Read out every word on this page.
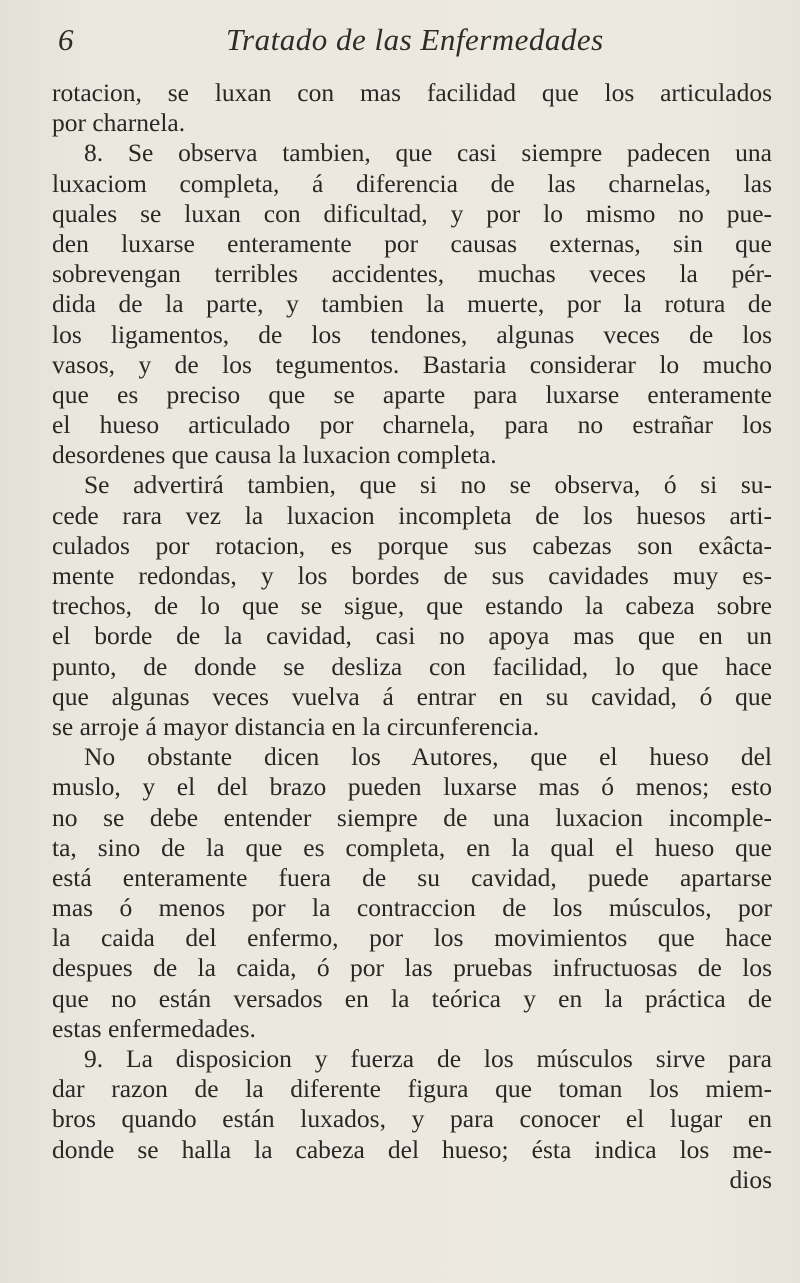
6	Tratado de las Enfermedades
rotacion, se luxan con mas facilidad que los articulados
por charnela.
8. Se observa tambien, que casi siempre padecen una
luxaciom completa, á diferencia de las charnelas, las
quales se luxan con dificultad, y por lo mismo no pue-
den luxarse enteramente por causas externas, sin que
sobrevengan terribles accidentes, muchas veces la pér-
dida de la parte, y tambien la muerte, por la rotura de
los ligamentos, de los tendones, algunas veces de los
vasos, y de los tegumentos. Bastaria considerar lo mucho
que es preciso que se aparte para luxarse enteramente
el hueso articulado por charnela, para no estrañar los
desordenes que causa la luxacion completa.
Se advertirá tambien, que si no se observa, ó si su-
cede rara vez la luxacion incompleta de los huesos arti-
culados por rotacion, es porque sus cabezas son exâcta-
mente redondas, y los bordes de sus cavidades muy es-
trechos, de lo que se sigue, que estando la cabeza sobre
el borde de la cavidad, casi no apoya mas que en un
punto, de donde se desliza con facilidad, lo que hace
que algunas veces vuelva á entrar en su cavidad, ó que
se arroje á mayor distancia en la circunferencia.
No obstante dicen los Autores, que el hueso del
muslo, y el del brazo pueden luxarse mas ó menos; esto
no se debe entender siempre de una luxacion incomple-
ta, sino de la que es completa, en la qual el hueso que
está enteramente fuera de su cavidad, puede apartarse
mas ó menos por la contraccion de los músculos, por
la caida del enfermo, por los movimientos que hace
despues de la caida, ó por las pruebas infructuosas de los
que no están versados en la teórica y en la práctica de
estas enfermedades.
9. La disposicion y fuerza de los músculos sirve para
dar razon de la diferente figura que toman los miem-
bros quando están luxados, y para conocer el lugar en
donde se halla la cabeza del hueso; ésta indica los me-
dios
